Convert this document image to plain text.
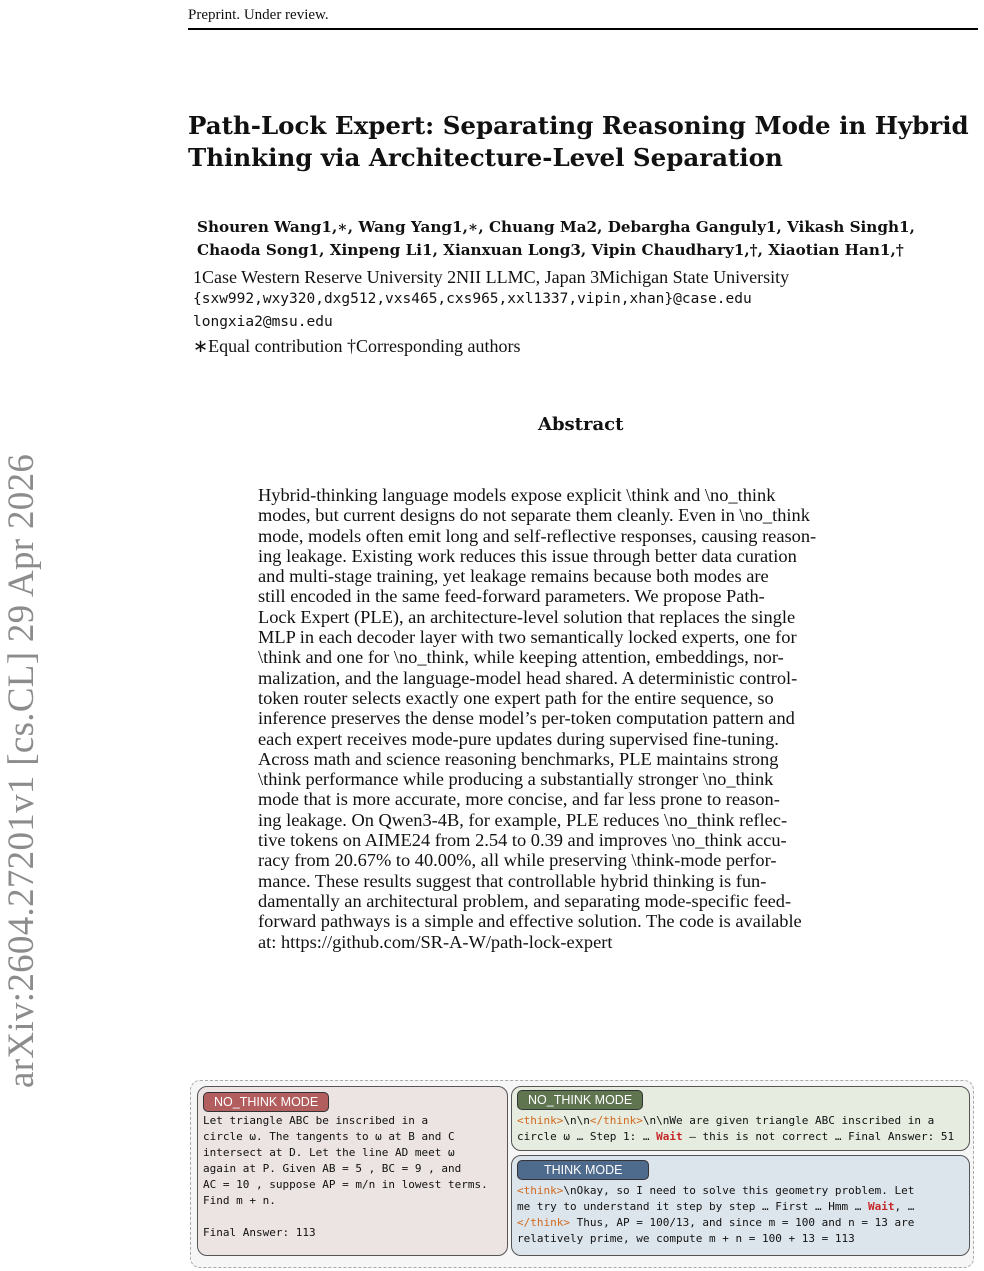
Preprint. Under review.
arXiv:2604.27201v1 [cs.CL] 29 Apr 2026
Path-Lock Expert: Separating Reasoning Mode in Hybrid
Thinking via Architecture-Level Separation
Shouren Wang1,∗, Wang Yang1,∗, Chuang Ma2, Debargha Ganguly1, Vikash Singh1,
Chaoda Song1, Xinpeng Li1, Xianxuan Long3, Vipin Chaudhary1,†, Xiaotian Han1,†
1Case Western Reserve University 2NII LLMC, Japan 3Michigan State University
{sxw992,wxy320,dxg512,vxs465,cxs965,xxl1337,vipin,xhan}@case.edu
longxia2@msu.edu
∗Equal contribution †Corresponding authors
Abstract
Hybrid-thinking language models expose explicit \think and \no_think
modes, but current designs do not separate them cleanly. Even in \no_think
mode, models often emit long and self-reflective responses, causing reason-
ing leakage. Existing work reduces this issue through better data curation
and multi-stage training, yet leakage remains because both modes are
still encoded in the same feed-forward parameters. We propose Path-
Lock Expert (PLE), an architecture-level solution that replaces the single
MLP in each decoder layer with two semantically locked experts, one for
\think and one for \no_think, while keeping attention, embeddings, nor-
malization, and the language-model head shared. A deterministic control-
token router selects exactly one expert path for the entire sequence, so
inference preserves the dense model’s per-token computation pattern and
each expert receives mode-pure updates during supervised fine-tuning.
Across math and science reasoning benchmarks, PLE maintains strong
\think performance while producing a substantially stronger \no_think
mode that is more accurate, more concise, and far less prone to reason-
ing leakage. On Qwen3-4B, for example, PLE reduces \no_think reflec-
tive tokens on AIME24 from 2.54 to 0.39 and improves \no_think accu-
racy from 20.67% to 40.00%, all while preserving \think-mode perfor-
mance. These results suggest that controllable hybrid thinking is fun-
damentally an architectural problem, and separating mode-specific feed-
forward pathways is a simple and effective solution. The code is available
at: https://github.com/SR-A-W/path-lock-expert
NO_THINK MODE	NO_THINK MODE
THINK MODE
Let triangle ABC be inscribed in a
circle ω. The tangents to ω at B and C
intersect at D. Let the line AD meet ω
again at P. Given AB = 5 , BC = 9 , and
AC = 10 , suppose AP = m/n in lowest terms.
Find m + n.

Final Answer: 113
<think>\n\n</think>\n\nWe are given triangle ABC inscribed in a
circle ω … Step 1: … Wait — this is not correct … Final Answer: 51
<think>\nOkay, so I need to solve this geometry problem. Let
me try to understand it step by step … First … Hmm … Wait, …
</think> Thus, AP = 100/13, and since m = 100 and n = 13 are
relatively prime, we compute m + n = 100 + 13 = 113
